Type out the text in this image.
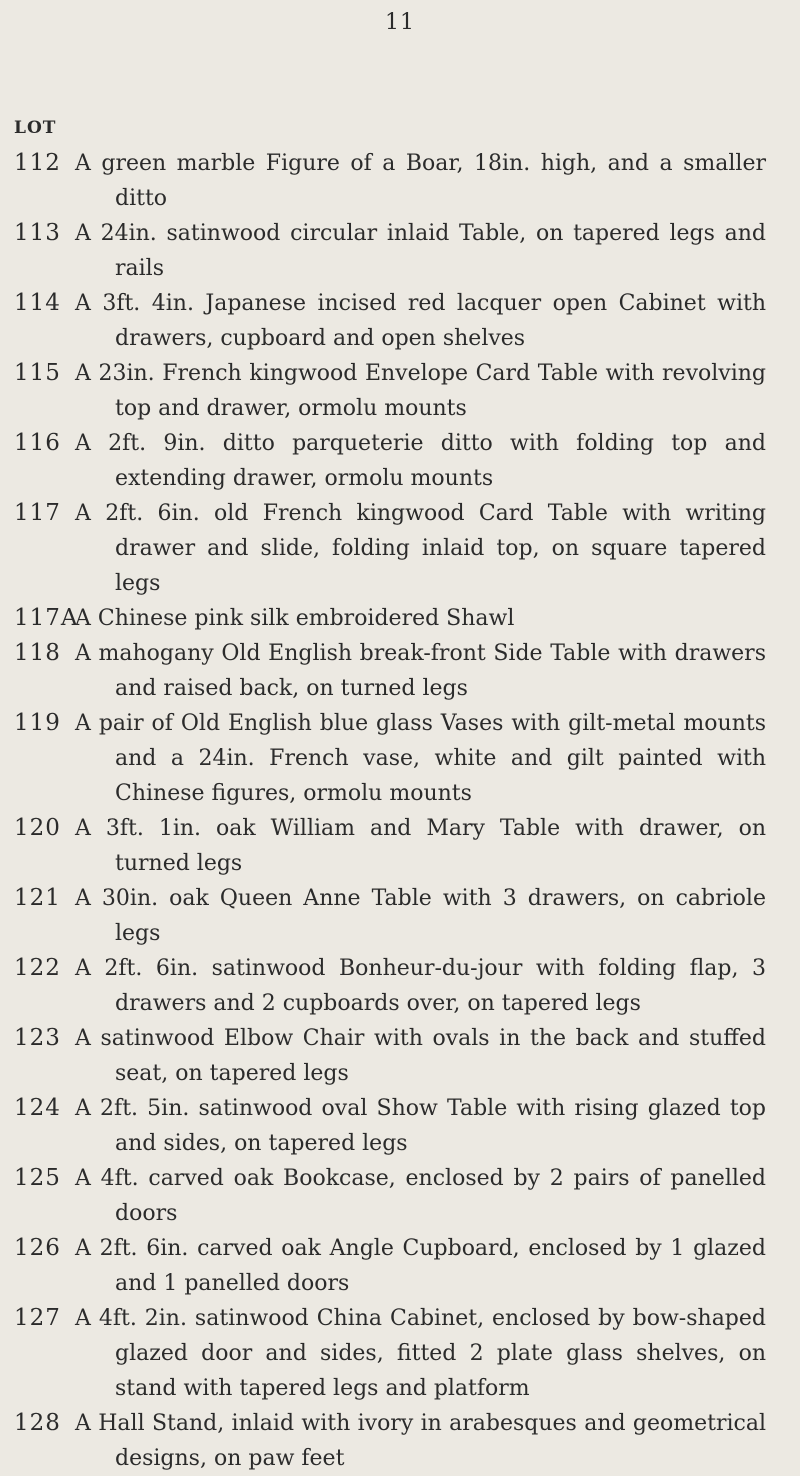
11
LOT
112 A green marble Figure of a Boar, 18in. high, and a smaller ditto
113 A 24in. satinwood circular inlaid Table, on tapered legs and rails
114 A 3ft. 4in. Japanese incised red lacquer open Cabinet with drawers, cupboard and open shelves
115 A 23in. French kingwood Envelope Card Table with revolving top and drawer, ormolu mounts
116 A 2ft. 9in. ditto parqueterie ditto with folding top and extending drawer, ormolu mounts
117 A 2ft. 6in. old French kingwood Card Table with writing drawer and slide, folding inlaid top, on square tapered legs
117A
A Chinese pink silk embroidered Shawl
118 A mahogany Old English break-front Side Table with drawers and raised back, on turned legs
119 A pair of Old English blue glass Vases with gilt-metal mounts and a 24in. French vase, white and gilt painted with Chinese figures, ormolu mounts
120 A 3ft. 1in. oak William and Mary Table with drawer, on turned legs
121 A 30in. oak Queen Anne Table with 3 drawers, on cabriole legs
122 A 2ft. 6in. satinwood Bonheur-du-jour with folding flap, 3 drawers and 2 cupboards over, on tapered legs
123 A satinwood Elbow Chair with ovals in the back and stuffed seat, on tapered legs
124 A 2ft. 5in. satinwood oval Show Table with rising glazed top and sides, on tapered legs
125 A 4ft. carved oak Bookcase, enclosed by 2 pairs of panelled doors
126 A 2ft. 6in. carved oak Angle Cupboard, enclosed by 1 glazed and 1 panelled doors
127 A 4ft. 2in. satinwood China Cabinet, enclosed by bow-shaped glazed door and sides, fitted 2 plate glass shelves, on stand with tapered legs and platform
128 A Hall Stand, inlaid with ivory in arabesques and geometrical designs, on paw feet
